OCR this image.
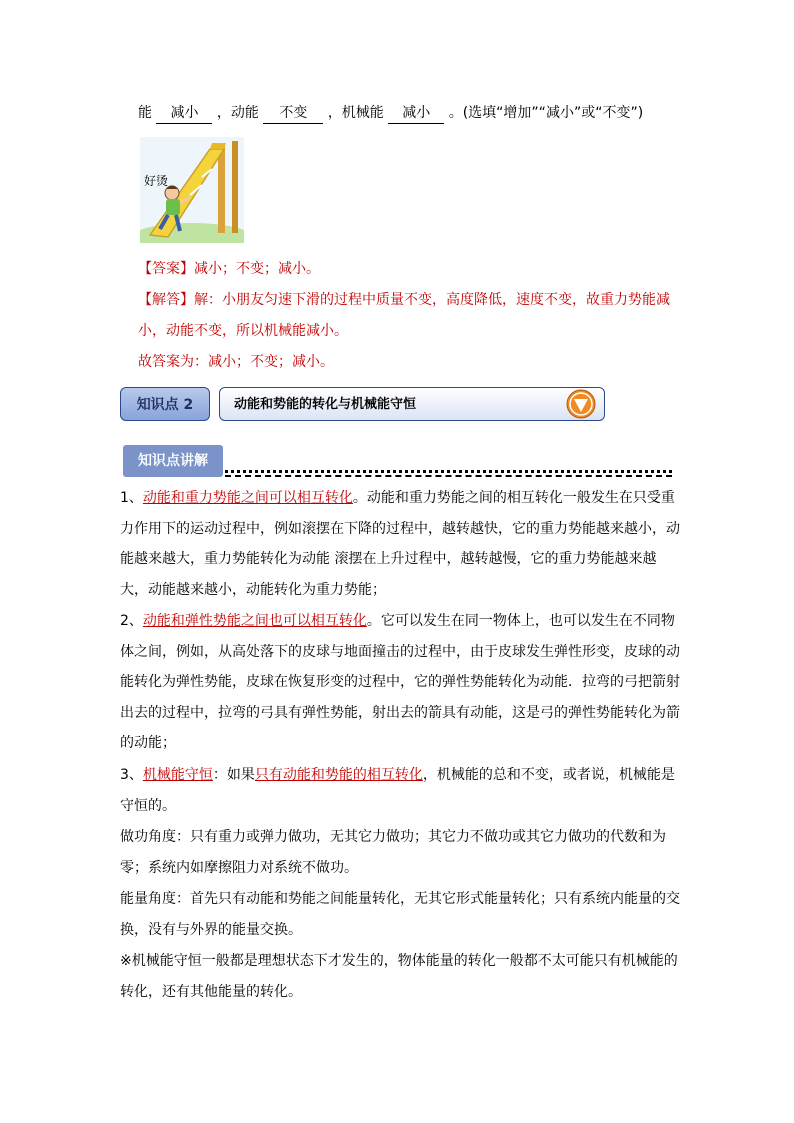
能 减小 ，动能 不变 ，机械能 减小 。(选填“增加”“减小”或“不变”)
好烫
【答案】减小；不变；减小。
【解答】解：小朋友匀速下滑的过程中质量不变，高度降低，速度不变，故重力势能减
小，动能不变，所以机械能减小。
故答案为：减小；不变；减小。
知识点 2	动能和势能的转化与机械能守恒
知识点讲解
1、动能和重力势能之间可以相互转化。动能和重力势能之间的相互转化一般发生在只受重力作用下的运动过程中，例如滚摆在下降的过程中，越转越快，它的重力势能越来越小，动能越来越大，重力势能转化为动能 滚摆在上升过程中，越转越慢，它的重力势能越来越大，动能越来越小，动能转化为重力势能；
2、动能和弹性势能之间也可以相互转化。它可以发生在同一物体上，也可以发生在不同物体之间，例如，从高处落下的皮球与地面撞击的过程中，由于皮球发生弹性形变，皮球的动能转化为弹性势能，皮球在恢复形变的过程中，它的弹性势能转化为动能．拉弯的弓把箭射出去的过程中，拉弯的弓具有弹性势能，射出去的箭具有动能，这是弓的弹性势能转化为箭的动能；
3、机械能守恒：如果只有动能和势能的相互转化，机械能的总和不变，或者说，机械能是守恒的。
做功角度：只有重力或弹力做功，无其它力做功；其它力不做功或其它力做功的代数和为零；系统内如摩擦阻力对系统不做功。
能量角度：首先只有动能和势能之间能量转化，无其它形式能量转化；只有系统内能量的交换，没有与外界的能量交换。
※机械能守恒一般都是理想状态下才发生的，物体能量的转化一般都不太可能只有机械能的转化，还有其他能量的转化。
